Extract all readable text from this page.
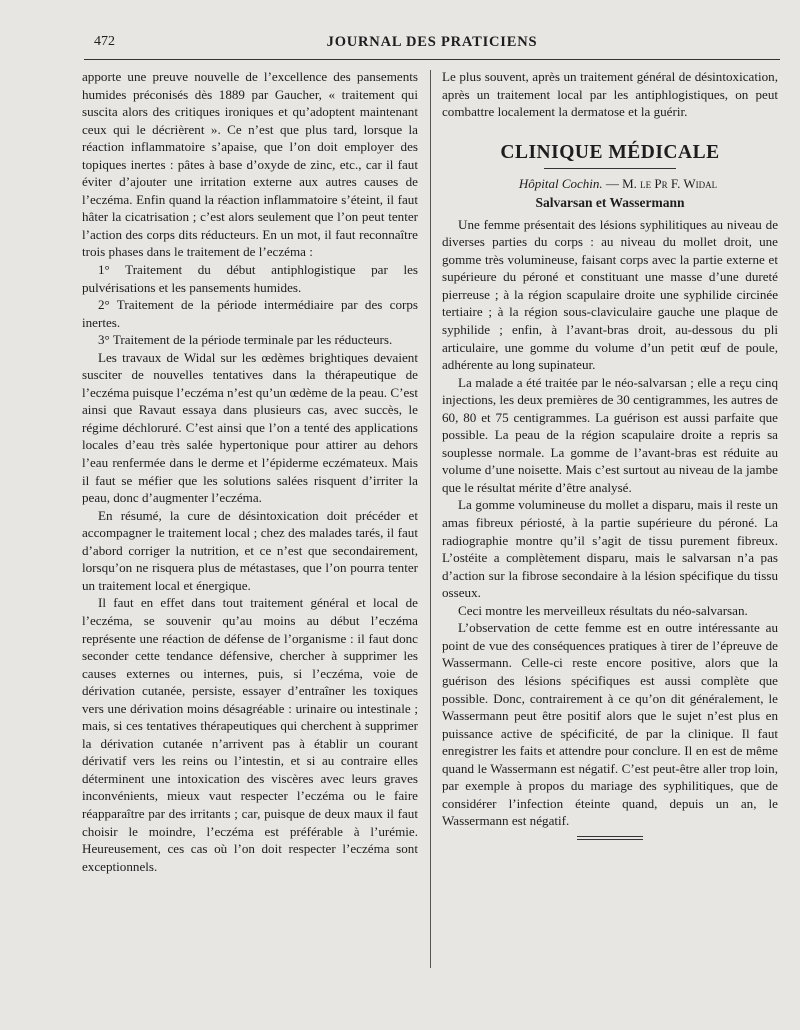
472	JOURNAL DES PRATICIENS

apporte une preuve nouvelle de l’excellence des pansements humides préconisés dès 1889 par Gaucher, « traitement qui suscita alors des critiques ironiques et qu’adoptent maintenant ceux qui le décrièrent ». Ce n’est que plus tard, lorsque la réaction inflammatoire s’apaise, que l’on doit employer des topiques inertes : pâtes à base d’oxyde de zinc, etc., car il faut éviter d’ajouter une irritation externe aux autres causes de l’eczéma. Enfin quand la réaction inflammatoire s’éteint, il faut hâter la cicatrisation ; c’est alors seulement que l’on peut tenter l’action des corps dits réducteurs. En un mot, il faut reconnaître trois phases dans le traitement de l’eczéma :

1° Traitement du début antiphlogistique par les pulvérisations et les pansements humides.

2° Traitement de la période intermédiaire par des corps inertes.

3° Traitement de la période terminale par les réducteurs.

Les travaux de Widal sur les œdèmes brightiques devaient susciter de nouvelles tentatives dans la thérapeutique de l’eczéma puisque l’eczéma n’est qu’un œdème de la peau. C’est ainsi que Ravaut essaya dans plusieurs cas, avec succès, le régime déchloruré. C’est ainsi que l’on a tenté des applications locales d’eau très salée hypertonique pour attirer au dehors l’eau renfermée dans le derme et l’épiderme eczémateux. Mais il faut se méfier que les solutions salées risquent d’irriter la peau, donc d’augmenter l’eczéma.

En résumé, la cure de désintoxication doit précéder et accompagner le traitement local ; chez des malades tarés, il faut d’abord corriger la nutrition, et ce n’est que secondairement, lorsqu’on ne risquera plus de métastases, que l’on pourra tenter un traitement local et énergique.

Il faut en effet dans tout traitement général et local de l’eczéma, se souvenir qu’au moins au début l’eczéma représente une réaction de défense de l’organisme : il faut donc seconder cette tendance défensive, chercher à supprimer les causes externes ou internes, puis, si l’eczéma, voie de dérivation cutanée, persiste, essayer d’entraîner les toxiques vers une dérivation moins désagréable : urinaire ou intestinale ; mais, si ces tentatives thérapeutiques qui cherchent à supprimer la dérivation cutanée n’arrivent pas à établir un courant dérivatif vers les reins ou l’intestin, et si au contraire elles déterminent une intoxication des viscères avec leurs graves inconvénients, mieux vaut respecter l’eczéma ou le faire réapparaître par des irritants ; car, puisque de deux maux il faut choisir le moindre, l’eczéma est préférable à l’urémie. Heureusement, ces cas où l’on doit respecter l’eczéma sont exceptionnels.

Le plus souvent, après un traitement général de désintoxication, après un traitement local par les antiphlogistiques, on peut combattre localement la dermatose et la guérir.

CLINIQUE MÉDICALE

Hôpital Cochin. — M. le Pr F. Widal

Salvarsan et Wassermann

Une femme présentait des lésions syphilitiques au niveau de diverses parties du corps : au niveau du mollet droit, une gomme très volumineuse, faisant corps avec la partie externe et supérieure du péroné et constituant une masse d’une dureté pierreuse ; à la région scapulaire droite une syphilide circinée tertiaire ; à la région sous-claviculaire gauche une plaque de syphilide ; enfin, à l’avant-bras droit, au-dessous du pli articulaire, une gomme du volume d’un petit œuf de poule, adhérente au long supinateur.

La malade a été traitée par le néo-salvarsan ; elle a reçu cinq injections, les deux premières de 30 centigrammes, les autres de 60, 80 et 75 centigrammes. La guérison est aussi parfaite que possible. La peau de la région scapulaire droite a repris sa souplesse normale. La gomme de l’avant-bras est réduite au volume d’une noisette. Mais c’est surtout au niveau de la jambe que le résultat mérite d’être analysé.

La gomme volumineuse du mollet a disparu, mais il reste un amas fibreux périosté, à la partie supérieure du péroné. La radiographie montre qu’il s’agit de tissu purement fibreux. L’ostéite a complètement disparu, mais le salvarsan n’a pas d’action sur la fibrose secondaire à la lésion spécifique du tissu osseux.

Ceci montre les merveilleux résultats du néo-salvarsan.

L’observation de cette femme est en outre intéressante au point de vue des conséquences pratiques à tirer de l’épreuve de Wassermann. Celle-ci reste encore positive, alors que la guérison des lésions spécifiques est aussi complète que possible. Donc, contrairement à ce qu’on dit généralement, le Wassermann peut être positif alors que le sujet n’est plus en puissance active de spécificité, de par la clinique. Il faut enregistrer les faits et attendre pour conclure. Il en est de même quand le Wassermann est négatif. C’est peut-être aller trop loin, par exemple à propos du mariage des syphilitiques, que de considérer l’infection éteinte quand, depuis un an, le Wassermann est négatif.
